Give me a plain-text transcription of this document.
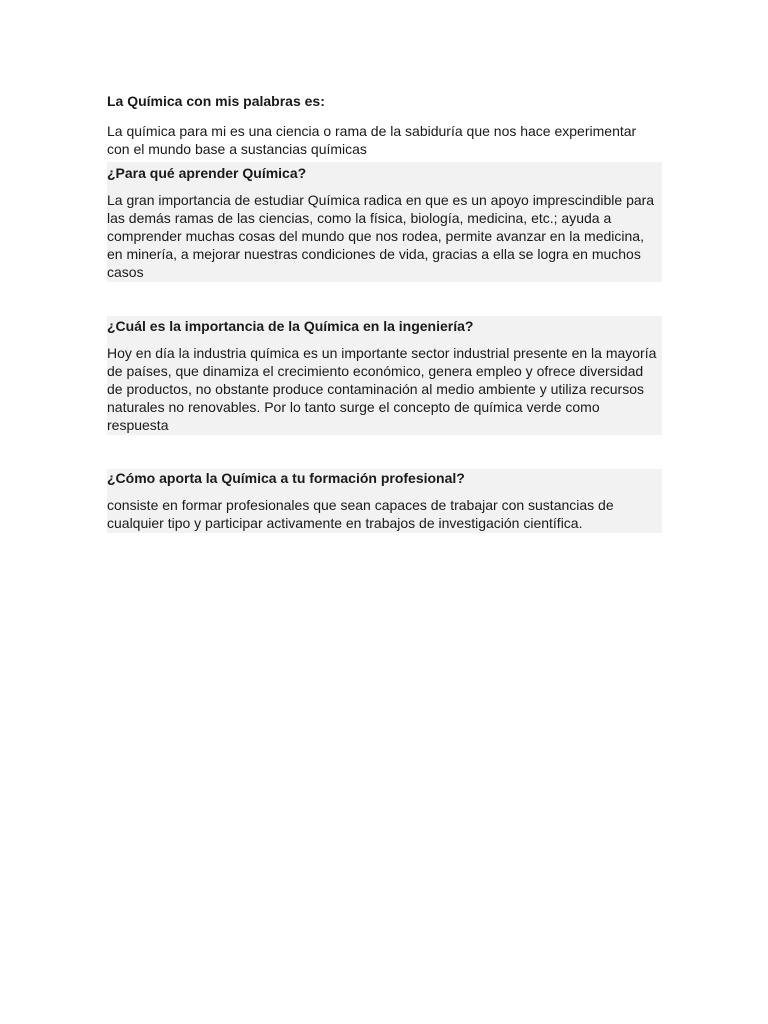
La Química con mis palabras es:

La química para mi es una ciencia o rama de la sabiduría que nos hace experimentar con el mundo base a sustancias químicas

¿Para qué aprender Química?

La gran importancia de estudiar Química radica en que es un apoyo imprescindible para las demás ramas de las ciencias, como la física, biología, medicina, etc.; ayuda a comprender muchas cosas del mundo que nos rodea, permite avanzar en la medicina, en minería, a mejorar nuestras condiciones de vida, gracias a ella se logra en muchos casos

¿Cuál es la importancia de la Química en la ingeniería?

Hoy en día la industria química es un importante sector industrial presente en la mayoría de países, que dinamiza el crecimiento económico, genera empleo y ofrece diversidad de productos, no obstante produce contaminación al medio ambiente y utiliza recursos naturales no renovables. Por lo tanto surge el concepto de química verde como respuesta

¿Cómo aporta la Química a tu formación profesional?

consiste en formar profesionales que sean capaces de trabajar con sustancias de cualquier tipo y participar activamente en trabajos de investigación científica.
